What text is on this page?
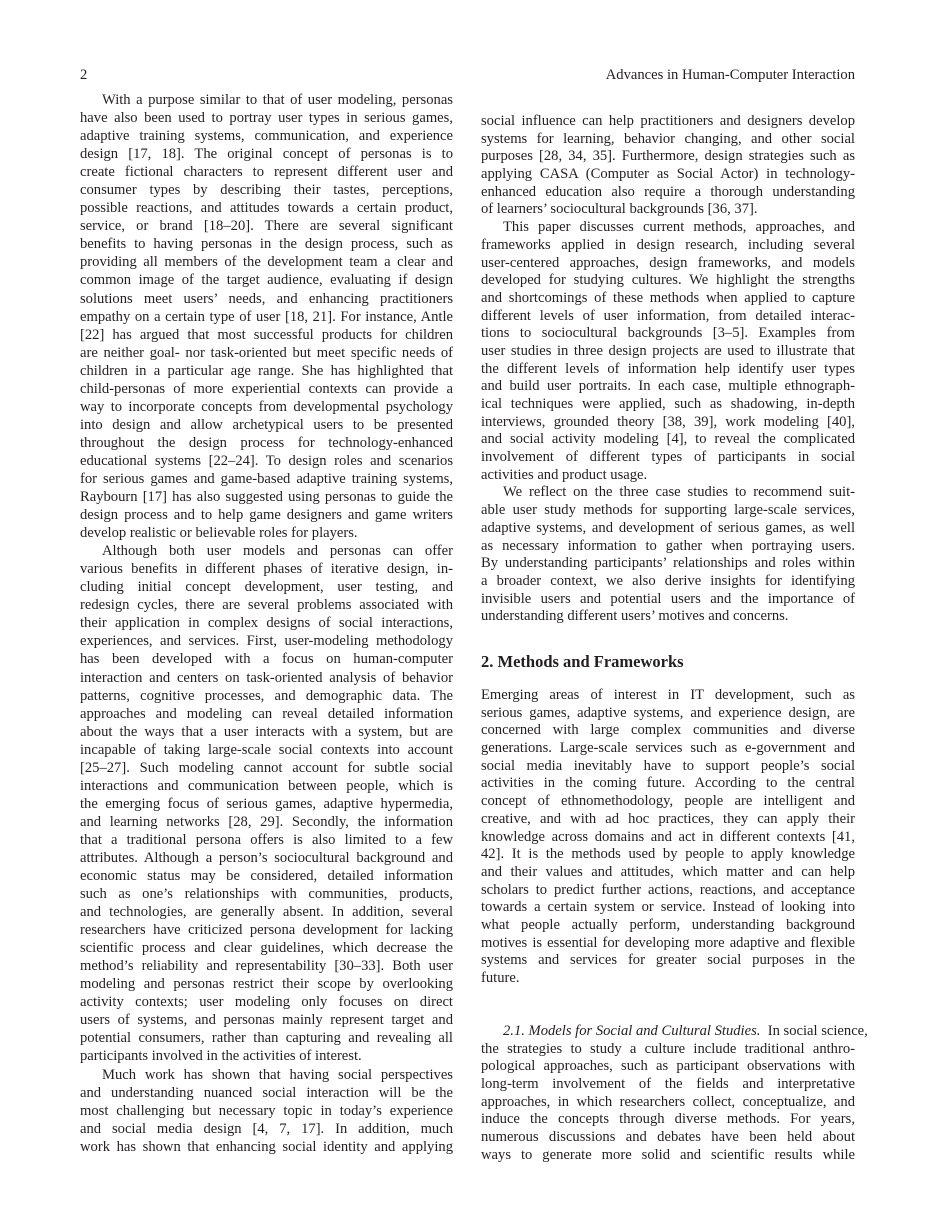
2	Advances in Human-Computer Interaction
With a purpose similar to that of user modeling, personas
have also been used to portray user types in serious games,
adaptive training systems, communication, and experience
design [17, 18]. The original concept of personas is to
create fictional characters to represent different user and
consumer types by describing their tastes, perceptions,
possible reactions, and attitudes towards a certain product,
service, or brand [18–20]. There are several significant
benefits to having personas in the design process, such as
providing all members of the development team a clear and
common image of the target audience, evaluating if design
solutions meet users’ needs, and enhancing practitioners
empathy on a certain type of user [18, 21]. For instance, Antle
[22] has argued that most successful products for children
are neither goal- nor task-oriented but meet specific needs of
children in a particular age range. She has highlighted that
child-personas of more experiential contexts can provide a
way to incorporate concepts from developmental psychology
into design and allow archetypical users to be presented
throughout the design process for technology-enhanced
educational systems [22–24]. To design roles and scenarios
for serious games and game-based adaptive training systems,
Raybourn [17] has also suggested using personas to guide the
design process and to help game designers and game writers
develop realistic or believable roles for players.
Although both user models and personas can offer
various benefits in different phases of iterative design, in-
cluding initial concept development, user testing, and
redesign cycles, there are several problems associated with
their application in complex designs of social interactions,
experiences, and services. First, user-modeling methodology
has been developed with a focus on human-computer
interaction and centers on task-oriented analysis of behavior
patterns, cognitive processes, and demographic data. The
approaches and modeling can reveal detailed information
about the ways that a user interacts with a system, but are
incapable of taking large-scale social contexts into account
[25–27]. Such modeling cannot account for subtle social
interactions and communication between people, which is
the emerging focus of serious games, adaptive hypermedia,
and learning networks [28, 29]. Secondly, the information
that a traditional persona offers is also limited to a few
attributes. Although a person’s sociocultural background and
economic status may be considered, detailed information
such as one’s relationships with communities, products,
and technologies, are generally absent. In addition, several
researchers have criticized persona development for lacking
scientific process and clear guidelines, which decrease the
method’s reliability and representability [30–33]. Both user
modeling and personas restrict their scope by overlooking
activity contexts; user modeling only focuses on direct
users of systems, and personas mainly represent target and
potential consumers, rather than capturing and revealing all
participants involved in the activities of interest.
Much work has shown that having social perspectives
and understanding nuanced social interaction will be the
most challenging but necessary topic in today’s experience
and social media design [4, 7, 17]. In addition, much
work has shown that enhancing social identity and applying
social influence can help practitioners and designers develop
systems for learning, behavior changing, and other social
purposes [28, 34, 35]. Furthermore, design strategies such as
applying CASA (Computer as Social Actor) in technology-
enhanced education also require a thorough understanding
of learners’ sociocultural backgrounds [36, 37].
This paper discusses current methods, approaches, and
frameworks applied in design research, including several
user-centered approaches, design frameworks, and models
developed for studying cultures. We highlight the strengths
and shortcomings of these methods when applied to capture
different levels of user information, from detailed interac-
tions to sociocultural backgrounds [3–5]. Examples from
user studies in three design projects are used to illustrate that
the different levels of information help identify user types
and build user portraits. In each case, multiple ethnograph-
ical techniques were applied, such as shadowing, in-depth
interviews, grounded theory [38, 39], work modeling [40],
and social activity modeling [4], to reveal the complicated
involvement of different types of participants in social
activities and product usage.
We reflect on the three case studies to recommend suit-
able user study methods for supporting large-scale services,
adaptive systems, and development of serious games, as well
as necessary information to gather when portraying users.
By understanding participants’ relationships and roles within
a broader context, we also derive insights for identifying
invisible users and potential users and the importance of
understanding different users’ motives and concerns.
2. Methods and Frameworks
Emerging areas of interest in IT development, such as
serious games, adaptive systems, and experience design, are
concerned with large complex communities and diverse
generations. Large-scale services such as e-government and
social media inevitably have to support people’s social
activities in the coming future. According to the central
concept of ethnomethodology, people are intelligent and
creative, and with ad hoc practices, they can apply their
knowledge across domains and act in different contexts [41,
42]. It is the methods used by people to apply knowledge
and their values and attitudes, which matter and can help
scholars to predict further actions, reactions, and acceptance
towards a certain system or service. Instead of looking into
what people actually perform, understanding background
motives is essential for developing more adaptive and flexible
systems and services for greater social purposes in the
future.
2.1. Models for Social and Cultural Studies. In social science,
the strategies to study a culture include traditional anthro-
pological approaches, such as participant observations with
long-term involvement of the fields and interpretative
approaches, in which researchers collect, conceptualize, and
induce the concepts through diverse methods. For years,
numerous discussions and debates have been held about
ways to generate more solid and scientific results while
